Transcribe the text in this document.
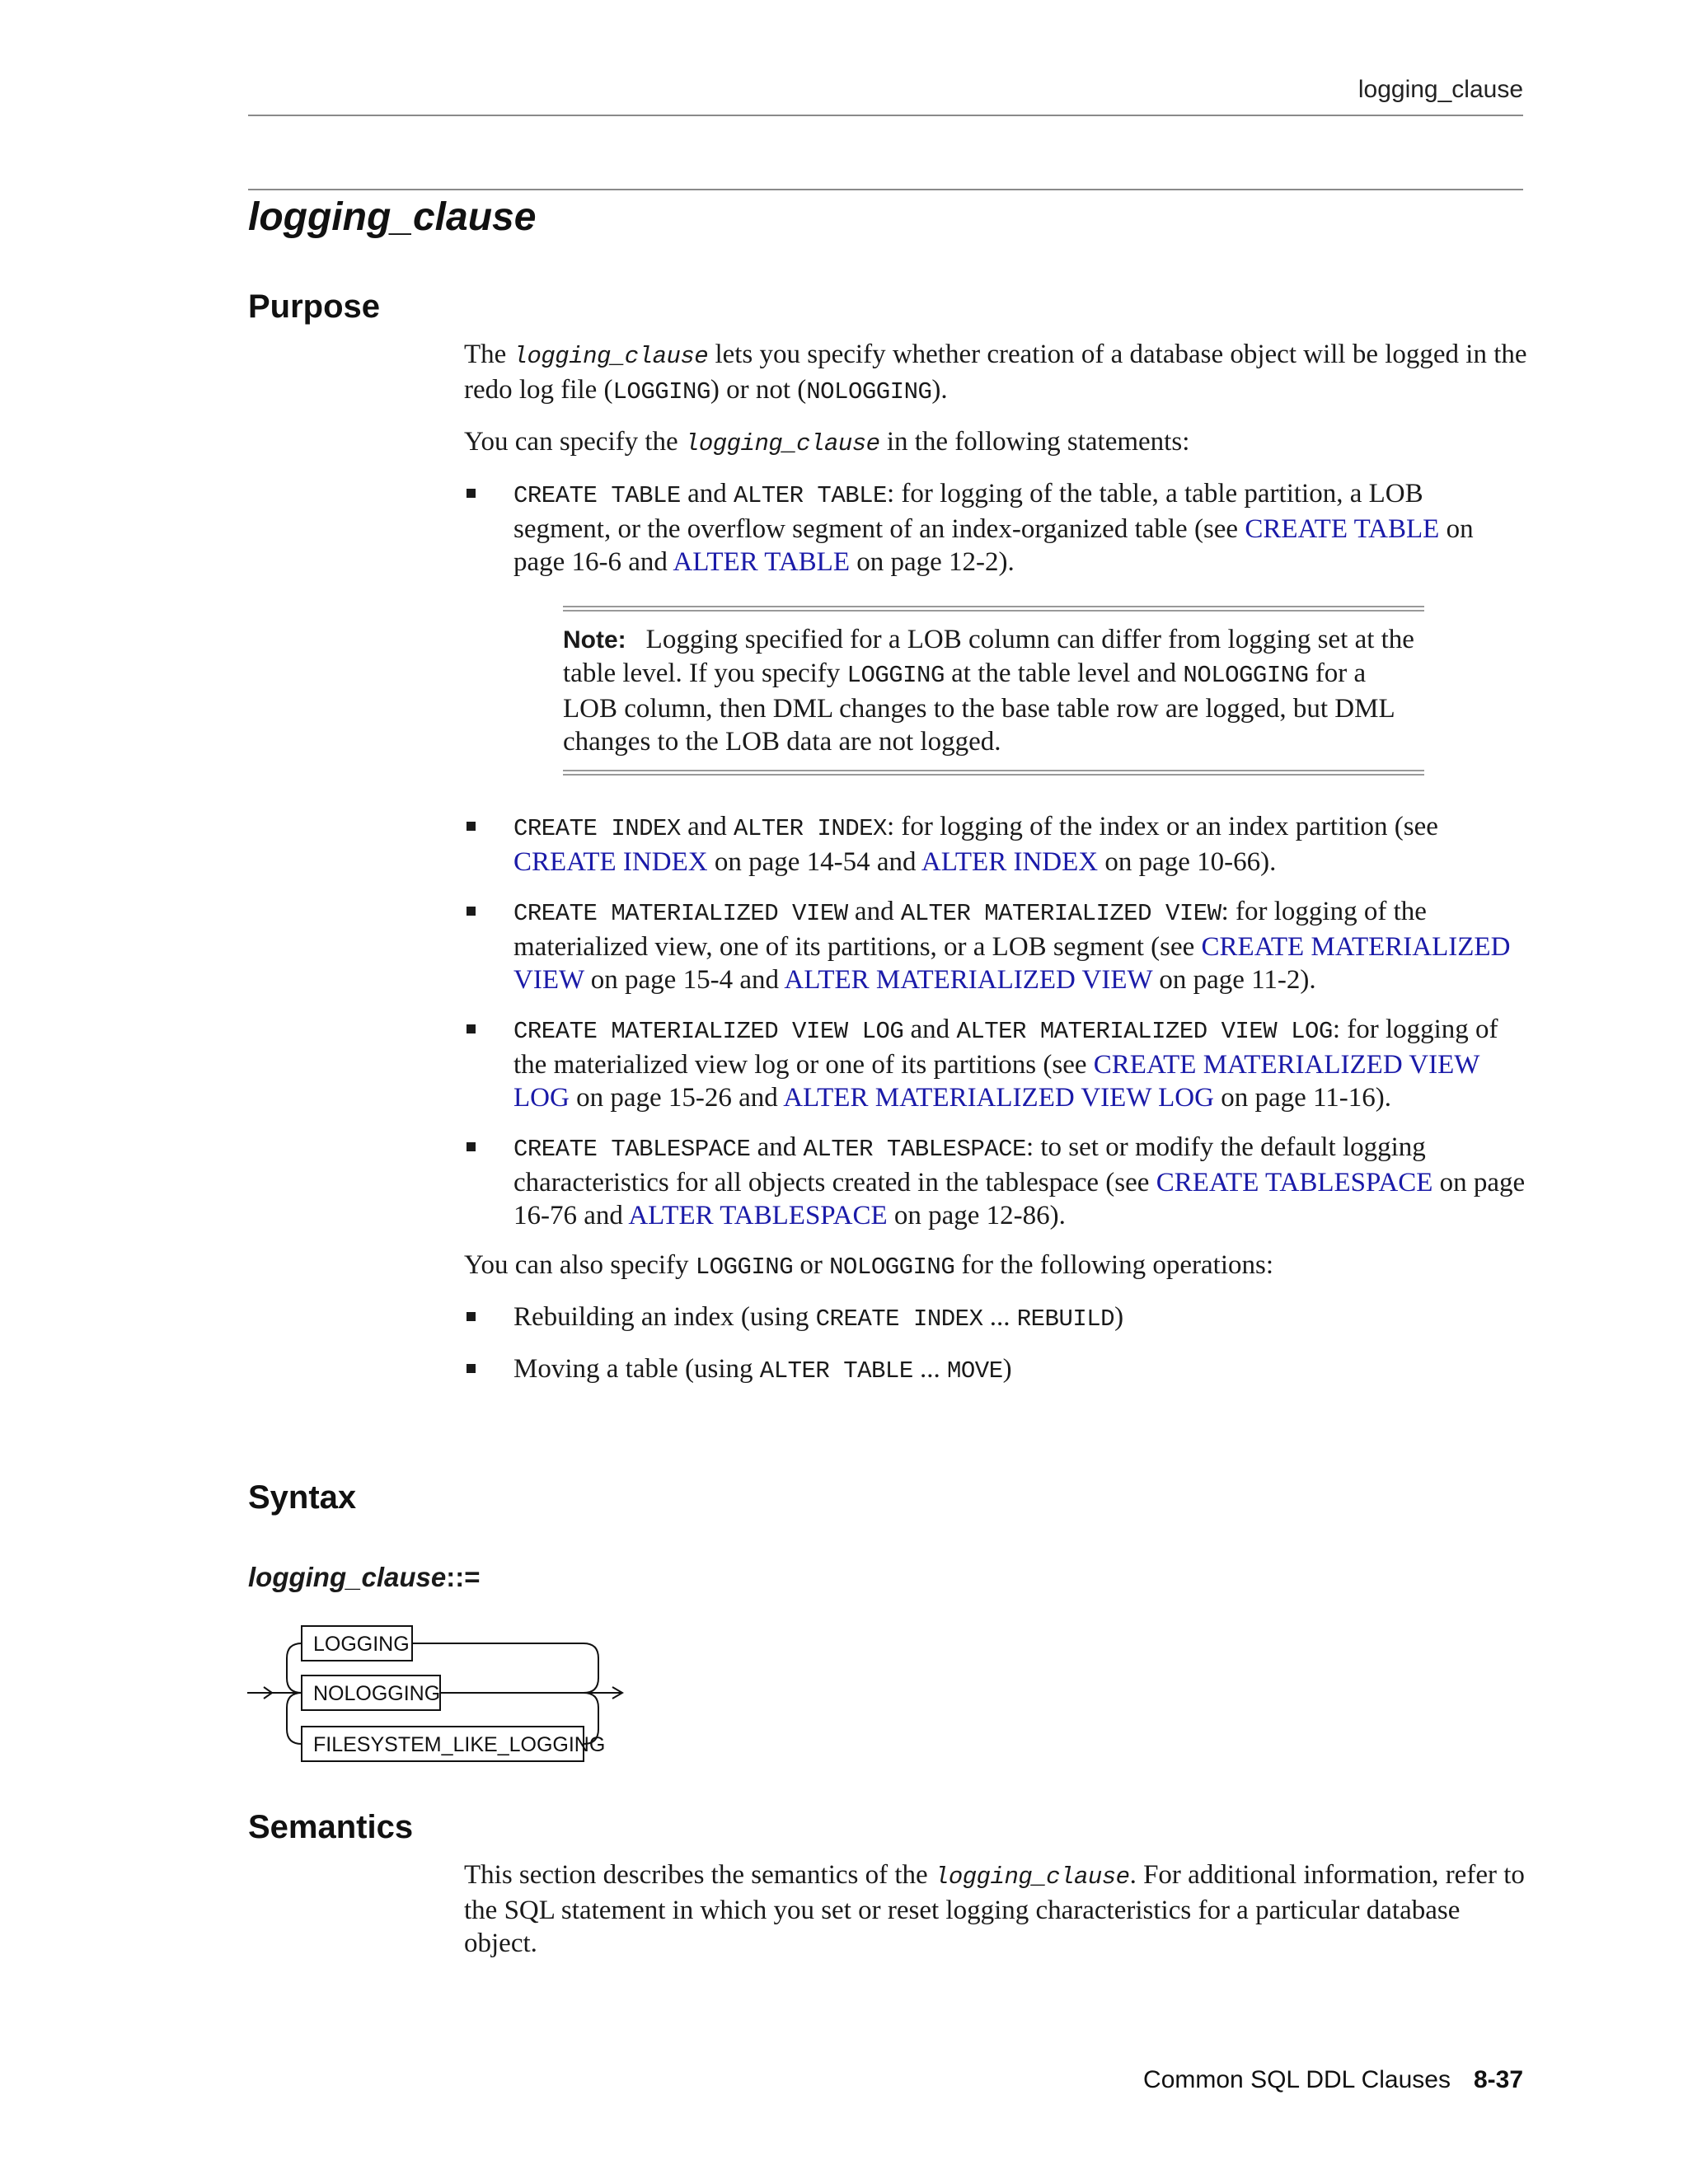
logging_clause
logging_clause
Purpose

The logging_clause lets you specify whether creation of a database object will be logged in the redo log file (LOGGING) or not (NOLOGGING).

You can specify the logging_clause in the following statements:

CREATE TABLE and ALTER TABLE: for logging of the table, a table partition, a LOB segment, or the overflow segment of an index-organized table (see CREATE TABLE on page 16-6 and ALTER TABLE on page 12-2).

Note: Logging specified for a LOB column can differ from logging set at the table level. If you specify LOGGING at the table level and NOLOGGING for a LOB column, then DML changes to the base table row are logged, but DML changes to the LOB data are not logged.

CREATE INDEX and ALTER INDEX: for logging of the index or an index partition (see CREATE INDEX on page 14-54 and ALTER INDEX on page 10-66).
CREATE MATERIALIZED VIEW and ALTER MATERIALIZED VIEW: for logging of the materialized view, one of its partitions, or a LOB segment (see CREATE MATERIALIZED VIEW on page 15-4 and ALTER MATERIALIZED VIEW on page 11-2).
CREATE MATERIALIZED VIEW LOG and ALTER MATERIALIZED VIEW LOG: for logging of the materialized view log or one of its partitions (see CREATE MATERIALIZED VIEW LOG on page 15-26 and ALTER MATERIALIZED VIEW LOG on page 11-16).
CREATE TABLESPACE and ALTER TABLESPACE: to set or modify the default logging characteristics for all objects created in the tablespace (see CREATE TABLESPACE on page 16-76 and ALTER TABLESPACE on page 12-86).

You can also specify LOGGING or NOLOGGING for the following operations:

Rebuilding an index (using CREATE INDEX ... REBUILD)
Moving a table (using ALTER TABLE ... MOVE)
Syntax

logging_clause::=

LOGGING
NOLOGGING
FILESYSTEM_LIKE_LOGGING
Semantics

This section describes the semantics of the logging_clause. For additional information, refer to the SQL statement in which you set or reset logging characteristics for a particular database object.

Common SQL DDL Clauses 8-37
